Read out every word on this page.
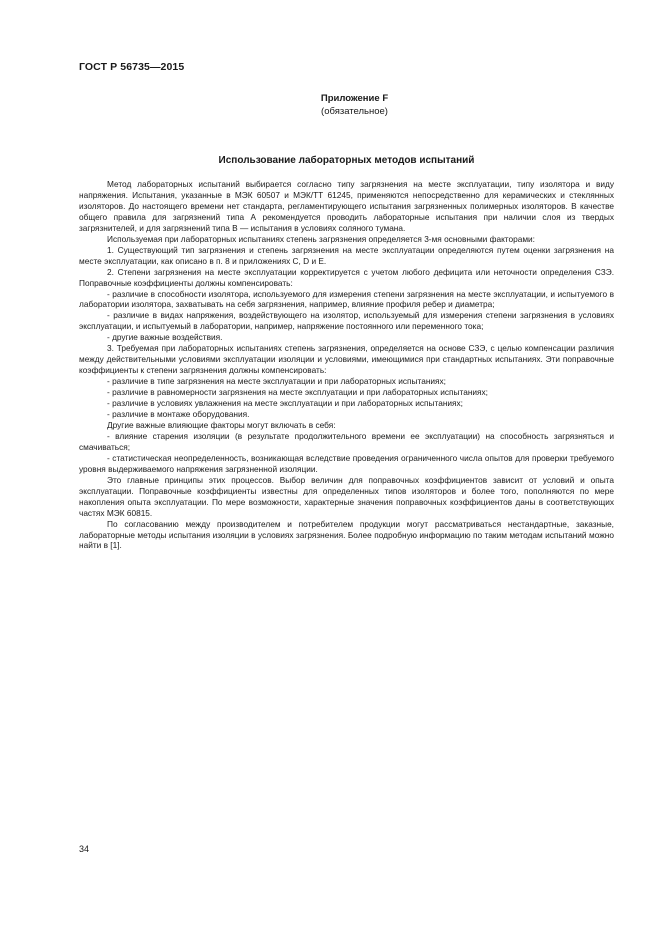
ГОСТ Р 56735—2015
Приложение F
(обязательное)
Использование лабораторных методов испытаний

Метод лабораторных испытаний выбирается согласно типу загрязнения на месте эксплуатации, типу изолятора и виду напряжения. Испытания, указанные в МЭК 60507 и МЭК/ТТ 61245, применяются непосредственно для керамических и стеклянных изоляторов. До настоящего времени нет стандарта, регламентирующего испытания загрязненных полимерных изоляторов. В качестве общего правила для загрязнений типа А рекомендуется проводить лабораторные испытания при наличии слоя из твердых загрязнителей, и для загрязнений типа В — испытания в условиях соляного тумана.

Используемая при лабораторных испытаниях степень загрязнения определяется 3-мя основными факторами:

1. Существующий тип загрязнения и степень загрязнения на месте эксплуатации определяются путем оценки загрязнения на месте эксплуатации, как описано в п. 8 и приложениях С, D и E.

2. Степени загрязнения на месте эксплуатации корректируется с учетом любого дефицита или неточности определения СЗЭ. Поправочные коэффициенты должны компенсировать:

- различие в способности изолятора, используемого для измерения степени загрязнения на месте эксплуатации, и испытуемого в лаборатории изолятора, захватывать на себя загрязнения, например, влияние профиля ребер и диаметра;

- различие в видах напряжения, воздействующего на изолятор, используемый для измерения степени загрязнения в условиях эксплуатации, и испытуемый в лаборатории, например, напряжение постоянного или переменного тока;

- другие важные воздействия.

3. Требуемая при лабораторных испытаниях степень загрязнения, определяется на основе СЗЭ, с целью компенсации различия между действительными условиями эксплуатации изоляции и условиями, имеющимися при стандартных испытаниях. Эти поправочные коэффициенты к степени загрязнения должны компенсировать:

- различие в типе загрязнения на месте эксплуатации и при лабораторных испытаниях;

- различие в равномерности загрязнения на месте эксплуатации и при лабораторных испытаниях;

- различие в условиях увлажнения на месте эксплуатации и при лабораторных испытаниях;

- различие в монтаже оборудования.

Другие важные влияющие факторы могут включать в себя:

- влияние старения изоляции (в результате продолжительного времени ее эксплуатации) на способность загрязняться и смачиваться;

- статистическая неопределенность, возникающая вследствие проведения ограниченного числа опытов для проверки требуемого уровня выдерживаемого напряжения загрязненной изоляции.

Это главные принципы этих процессов. Выбор величин для поправочных коэффициентов зависит от условий и опыта эксплуатации. Поправочные коэффициенты известны для определенных типов изоляторов и более того, пополняются по мере накопления опыта эксплуатации. По мере возможности, характерные значения поправочных коэффициентов даны в соответствующих частях МЭК 60815.

По согласованию между производителем и потребителем продукции могут рассматриваться нестандартные, заказные, лабораторные методы испытания изоляции в условиях загрязнения. Более подробную информацию по таким методам испытаний можно найти в [1].

34
